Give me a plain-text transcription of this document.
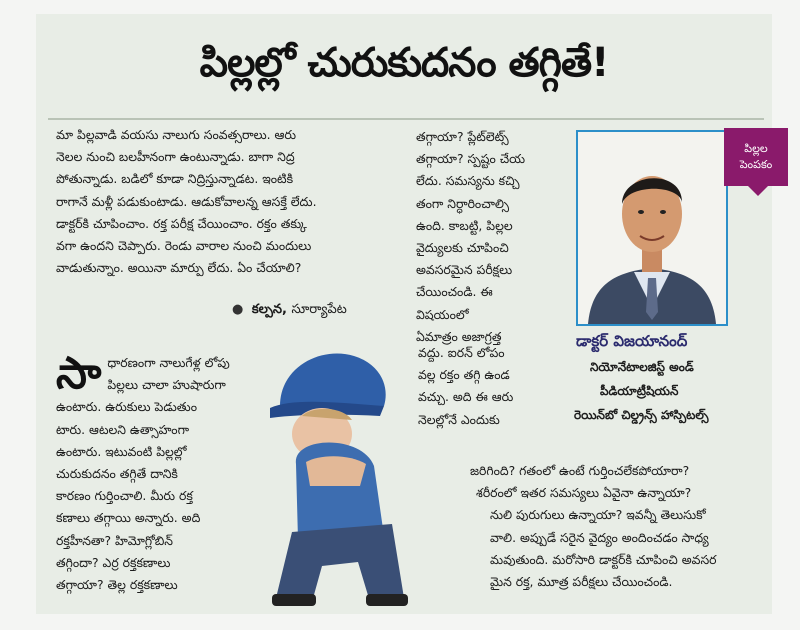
పిల్లల్లో చురుకుదనం తగ్గితే!

మా పిల్లవాడి వయసు నాలుగు సంవత్సరాలు. ఆరు

నెలల నుంచి బలహీనంగా ఉంటున్నాడు. బాగా నిద్ర

పోతున్నాడు. బడిలో కూడా నిద్రిస్తున్నాడట. ఇంటికి

రాగానే మళ్లీ పడుకుంటాడు. ఆడుకోవాలన్న ఆసక్తే లేదు.

డాక్టర్‌కి చూపించాం. రక్త పరీక్ష చేయించాం. రక్తం తక్కు

వగా ఉందని చెప్పారు. రెండు వారాల నుంచి మందులు

వాడుతున్నాం. అయినా మార్పు లేదు. ఏం చేయాలి?

● కల్పన, సూర్యాపేట

తగ్గాయా? ప్లేట్‌లెట్స్

తగ్గాయా? స్పష్టం చేయ

లేదు. సమస్యను కచ్చి

తంగా నిర్ధారించాల్సి

ఉంది. కాబట్టి, పిల్లల

వైద్యులకు చూపించి

అవసరమైన పరీక్షలు

చేయించండి. ఈ

విషయంలో

ఏమాత్రం అజాగ్రత్త

పిల్లల
పెంపకం
డాక్టర్ విజయానంద్
నియోనేటాలజిస్ట్ అండ్
పీడియాట్రీషియన్
రెయిన్‌బో చిల్డ్రన్స్ హాస్పిటల్స్
సా ధారణంగా నాలుగేళ్ల లోపు

పిల్లలు చాలా హుషారుగా

ఉంటారు. ఉరుకులు పెడుతుం

టారు. ఆటలని ఉత్సాహంగా

ఉంటారు. ఇటువంటి పిల్లల్లో

చురుకుదనం తగ్గితే దానికి

కారణం గుర్తించాలి. మీరు రక్త

కణాలు తగ్గాయి అన్నారు. అది

రక్తహీనతా? హిమోగ్లోబిన్

తగ్గిందా? ఎర్ర రక్తకణాలు

తగ్గాయా? తెల్ల రక్తకణాలు

వద్దు. ఐరన్ లోపం

వల్ల రక్తం తగ్గి ఉండ

వచ్చు. అది ఈ ఆరు

నెలల్లోనే ఎందుకు

జరిగింది? గతంలో ఉంటే గుర్తించలేకపోయారా?

శరీరంలో ఇతర సమస్యలు ఏవైనా ఉన్నాయా?

నులి పురుగులు ఉన్నాయా? ఇవన్నీ తెలుసుకో

వాలి. అప్పుడే సరైన వైద్యం అందించడం సాధ్య

మవుతుంది. మరోసారి డాక్టర్‌కి చూపించి అవసర

మైన రక్త, మూత్ర పరీక్షలు చేయించండి.
